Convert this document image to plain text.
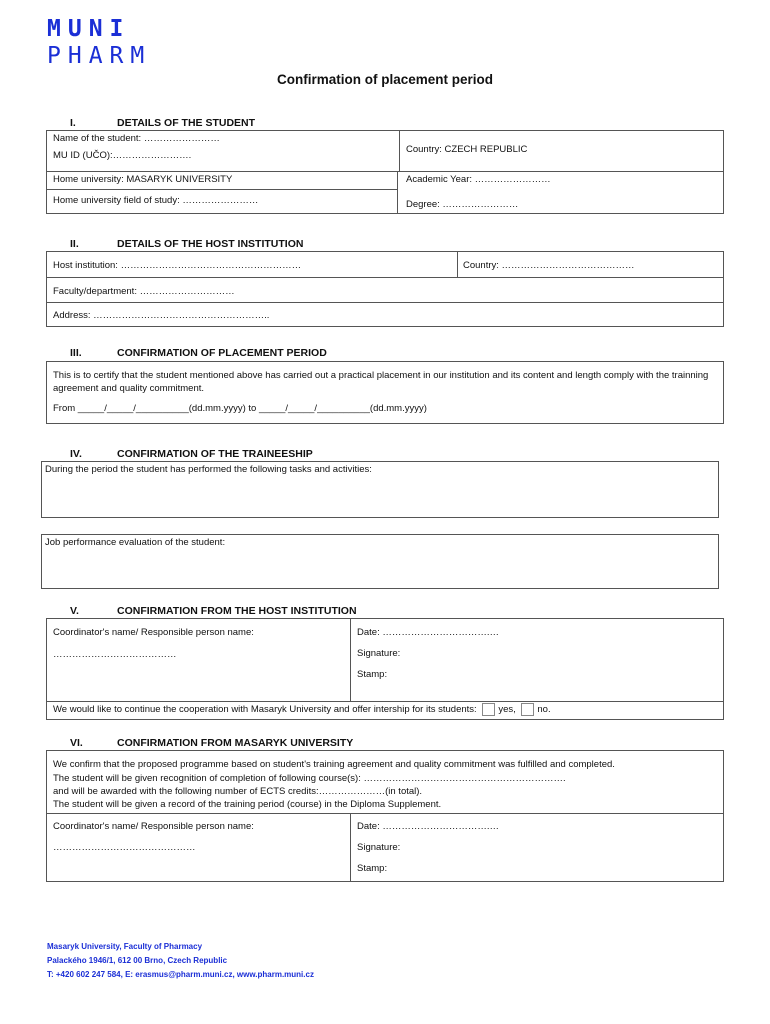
MUNI
PHARM
Confirmation of placement period
I.	DETAILS OF THE STUDENT
Name of the student: ……………………
MU ID (UČO):…………………….
Country: CZECH REPUBLIC
Home university: MASARYK UNIVERSITY	Academic Year: ……………………
Home university field of study: ……………………	Degree: ……………………
II.	DETAILS OF THE HOST INSTITUTION
Host institution: …………………………………………………	Country: ……………………………………
Faculty/department: …………………………
Address: ………………………………………………..
III.	CONFIRMATION OF PLACEMENT PERIOD
This is to certify that the student mentioned above has carried out a practical placement in our institution and its content and length comply with the trainning agreement and quality commitment.
From _____/_____/__________(dd.mm.yyyy) to _____/_____/__________(dd.mm.yyyy)
IV.	CONFIRMATION OF THE TRAINEESHIP
During the period the student has performed the following tasks and activities:
Job performance evaluation of the student:
V.	CONFIRMATION FROM THE HOST INSTITUTION
Coordinator's name/ Responsible person name:
…………………………………
Date: …………………………….…
Signature:
Stamp:
We would like to continue the cooperation with Masaryk University and offer intership for its students: yes, no.
VI.	CONFIRMATION FROM MASARYK UNIVERSITY
We confirm that the proposed programme based on student's training agreement and quality commitment was fulfilled and completed.
The student will be given recognition of completion of following course(s): ……………………………………………………….
and will be awarded with the following number of ECTS credits:…………………(in total).
The student will be given a record of the training period (course) in the Diploma Supplement.
Coordinator's name/ Responsible person name:
………………………………………
Date: …………………………….…
Signature:
Stamp:
Masaryk University, Faculty of Pharmacy
Palackého 1946/1, 612 00 Brno, Czech Republic
T: +420 602 247 584, E: erasmus@pharm.muni.cz, www.pharm.muni.cz
